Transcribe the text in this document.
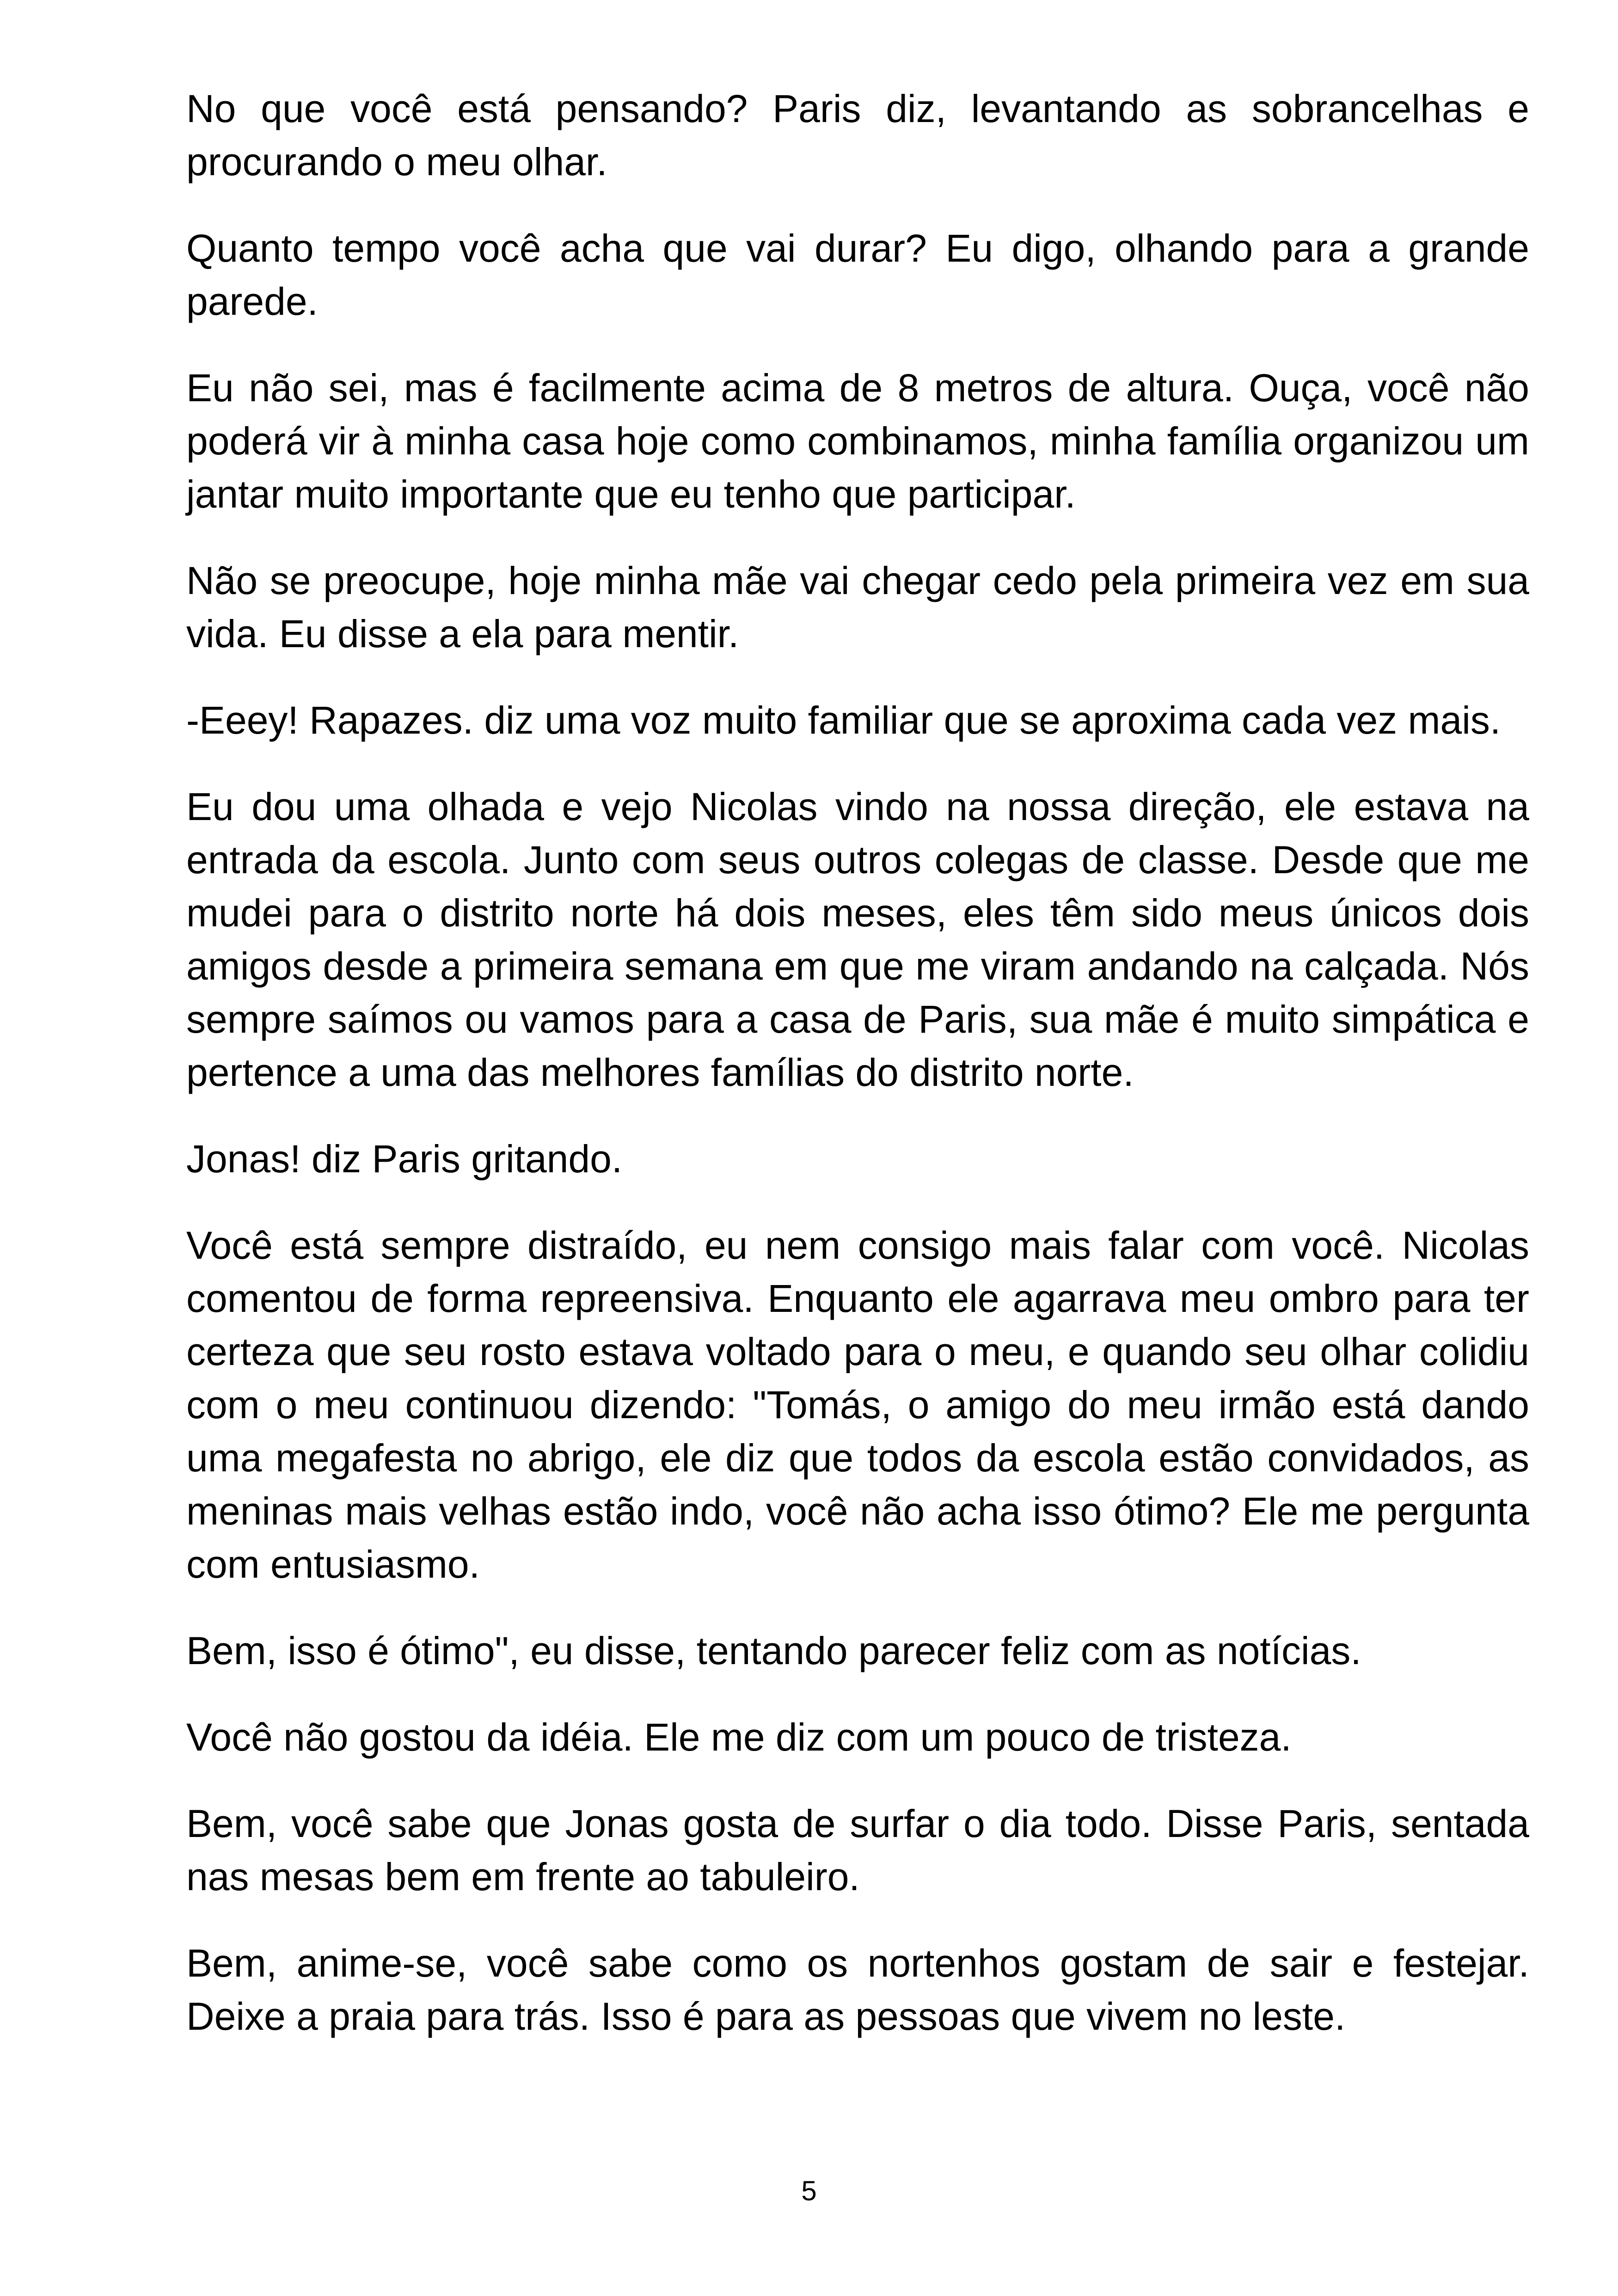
No que você está pensando? Paris diz, levantando as sobrancelhas e procurando o meu olhar.

Quanto tempo você acha que vai durar? Eu digo, olhando para a grande parede.

Eu não sei, mas é facilmente acima de 8 metros de altura. Ouça, você não poderá vir à minha casa hoje como combinamos, minha família organizou um jantar muito importante que eu tenho que participar.

Não se preocupe, hoje minha mãe vai chegar cedo pela primeira vez em sua vida. Eu disse a ela para mentir.

-Eeey! Rapazes. diz uma voz muito familiar que se aproxima cada vez mais.

Eu dou uma olhada e vejo Nicolas vindo na nossa direção, ele estava na entrada da escola. Junto com seus outros colegas de classe. Desde que me mudei para o distrito norte há dois meses, eles têm sido meus únicos dois amigos desde a primeira semana em que me viram andando na calçada. Nós sempre saímos ou vamos para a casa de Paris, sua mãe é muito simpática e pertence a uma das melhores famílias do distrito norte.

Jonas! diz Paris gritando.

Você está sempre distraído, eu nem consigo mais falar com você. Nicolas comentou de forma repreensiva. Enquanto ele agarrava meu ombro para ter certeza que seu rosto estava voltado para o meu, e quando seu olhar colidiu com o meu continuou dizendo: "Tomás, o amigo do meu irmão está dando uma megafesta no abrigo, ele diz que todos da escola estão convidados, as meninas mais velhas estão indo, você não acha isso ótimo? Ele me pergunta com entusiasmo.

Bem, isso é ótimo", eu disse, tentando parecer feliz com as notícias.

Você não gostou da idéia. Ele me diz com um pouco de tristeza.

Bem, você sabe que Jonas gosta de surfar o dia todo. Disse Paris, sentada nas mesas bem em frente ao tabuleiro.

Bem, anime-se, você sabe como os nortenhos gostam de sair e festejar. Deixe a praia para trás. Isso é para as pessoas que vivem no leste.

5
